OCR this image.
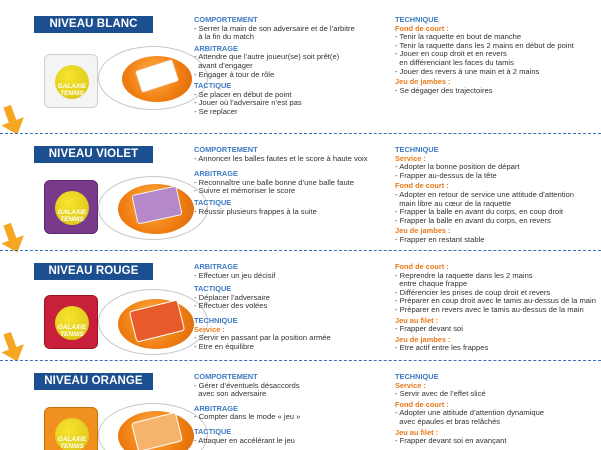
NIVEAU BLANC
GALAXIE
TENNIS
COMPORTEMENT
- Serrer la main de son adversaire et de l’arbitre
à la fin du match
ARBITRAGE
- Attendre que l’autre joueur(se) soit prêt(e)
avant d’engager
- Engager à tour de rôle
TACTIQUE
- Se placer en début de point
- Jouer où l’adversaire n’est pas
- Se replacer
TECHNIQUE
Fond de court :
- Tenir la raquette en bout de manche
- Tenir la raquette dans les 2 mains en début de point
- Jouer en coup droit et en revers
en différenciant les faces du tamis
- Jouer des revers à une main et à 2 mains
Jeu de jambes :
- Se dégager des trajectoires
NIVEAU VIOLET
GALAXIE
TENNIS
COMPORTEMENT
- Annoncer les balles fautes et le score à haute voix
ARBITRAGE
- Reconnaître une balle bonne d’une balle faute
- Suivre et mémoriser le score
TACTIQUE
- Réussir plusieurs frappes à la suite
TECHNIQUE
Service :
- Adopter la bonne position de départ
- Frapper au-dessus de la tête
Fond de court :
- Adopter en retour de service une attitude d’attention
main libre au cœur de la raquette
- Frapper la balle en avant du corps, en coup droit
- Frapper la balle en avant du corps, en revers
Jeu de jambes :
- Frapper en restant stable
NIVEAU ROUGE
GALAXIE
TENNIS
ARBITRAGE
- Effectuer un jeu décisif
TACTIQUE
- Déplacer l’adversaire
- Effectuer des volées
TECHNIQUE
Service :
- Servir en passant par la position armée
- Etre en équilibre
Fond de court :
- Reprendre la raquette dans les 2 mains
entre chaque frappe
- Différencier les prises de coup droit et revers
- Préparer en coup droit avec le tamis au-dessus de la main
- Préparer en revers avec le tamis au-dessus de la main
Jeu au filet :
- Frapper devant soi
Jeu de jambes :
- Etre actif entre les frappes
NIVEAU ORANGE
GALAXIE
TENNIS
COMPORTEMENT
- Gérer d’éventuels désaccords
avec son adversaire
ARBITRAGE
- Compter dans le mode « jeu »
TACTIQUE
- Attaquer en accélérant le jeu
TECHNIQUE
Service :
- Servir avec de l’effet slicé
Fond de court :
- Adopter une attitude d’attention dynamique
avec épaules et bras relâchés
Jeu au filet :
- Frapper devant soi en avançant
